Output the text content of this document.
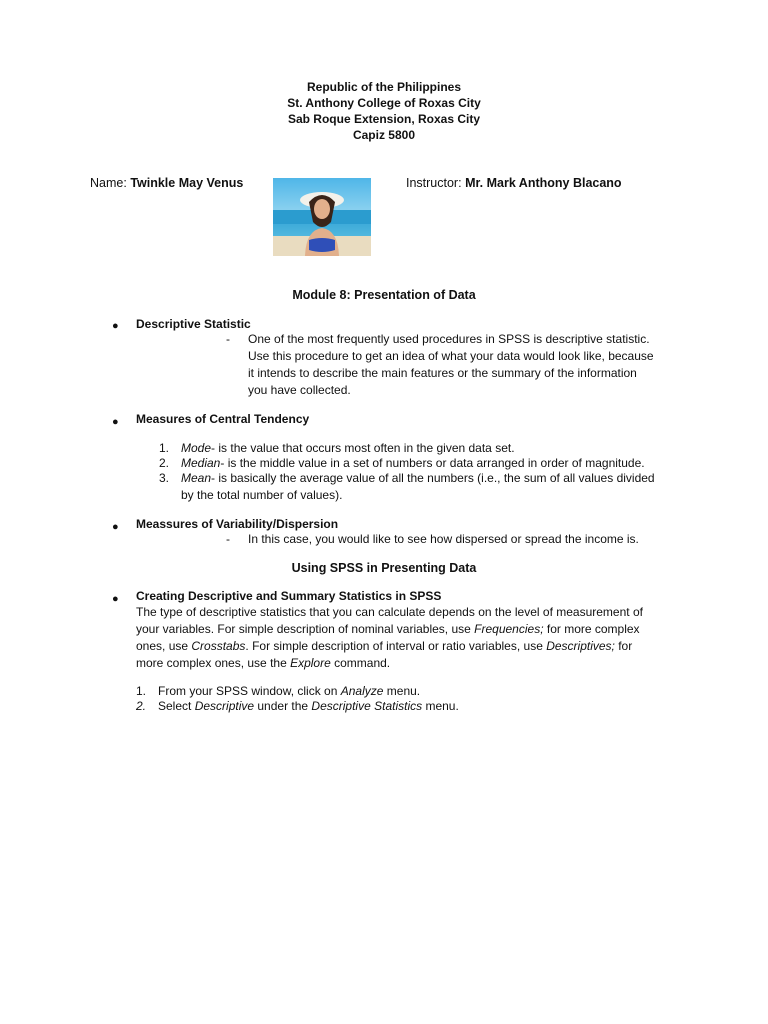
Republic of the Philippines
St. Anthony College of Roxas City
Sab Roque Extension, Roxas City
Capiz 5800
Name: Twinkle May Venus	Instructor: Mr. Mark Anthony Blacano
Module 8: Presentation of Data
● Descriptive Statistic
- One of the most frequently used procedures in SPSS is descriptive statistic.
Use this procedure to get an idea of what your data would look like, because
it intends to describe the main features or the summary of the information
you have collected.
● Measures of Central Tendency
1. Mode- is the value that occurs most often in the given data set.
2. Median- is the middle value in a set of numbers or data arranged in order of magnitude.
3. Mean- is basically the average value of all the numbers (i.e., the sum of all values divided
by the total number of values).
● Meassures of Variability/Dispersion
- In this case, you would like to see how dispersed or spread the income is.
Using SPSS in Presenting Data
● Creating Descriptive and Summary Statistics in SPSS
The type of descriptive statistics that you can calculate depends on the level of measurement of
your variables. For simple description of nominal variables, use Frequencies; for more complex
ones, use Crosstabs. For simple description of interval or ratio variables, use Descriptives; for
more complex ones, use the Explore command.
1. From your SPSS window, click on Analyze menu.
2. Select Descriptive under the Descriptive Statistics menu.
